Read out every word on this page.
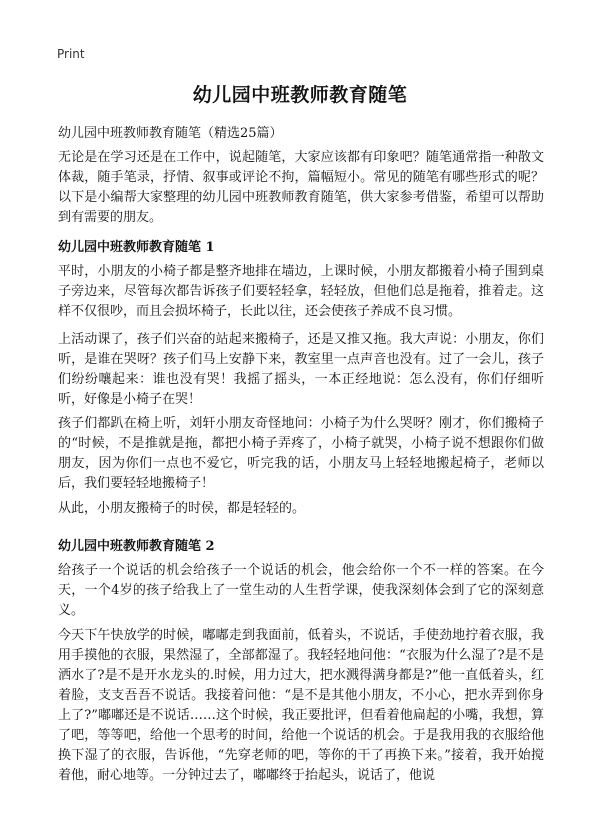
Print
幼儿园中班教师教育随笔
幼儿园中班教师教育随笔（精选25篇）

无论是在学习还是在工作中，说起随笔，大家应该都有印象吧？随笔通常指一种散文体裁，随手笔录，抒情、叙事或评论不拘，篇幅短小。常见的随笔有哪些形式的呢？以下是小编帮大家整理的幼儿园中班教师教育随笔，供大家参考借鉴，希望可以帮助到有需要的朋友。

幼儿园中班教师教育随笔 1

平时，小朋友的小椅子都是整齐地排在墙边，上课时候，小朋友都搬着小椅子围到桌子旁边来，尽管每次都告诉孩子们要轻轻拿，轻轻放，但他们总是拖着，推着走。这样不仅很吵，而且会损坏椅子，长此以往，还会使孩子养成不良习惯。

上活动课了，孩子们兴奋的站起来搬椅子，还是又推又拖。我大声说：小朋友，你们听，是谁在哭呀？孩子们马上安静下来，教室里一点声音也没有。过了一会儿，孩子们纷纷嚷起来：谁也没有哭！我摇了摇头，一本正经地说：怎么没有，你们仔细听听，好像是小椅子在哭！

孩子们都趴在椅上听，刘轩小朋友奇怪地问：小椅子为什么哭呀？刚才，你们搬椅子的“时候，不是推就是拖，都把小椅子弄疼了，小椅子就哭，小椅子说不想跟你们做朋友，因为你们一点也不爱它，听完我的话，小朋友马上轻轻地搬起椅子，老师以后，我们要轻轻地搬椅子！

从此，小朋友搬椅子的时侯，都是轻轻的。

幼儿园中班教师教育随笔 2

给孩子一个说话的机会给孩子一个说话的机会，他会给你一个不一样的答案。在今天，一个4岁的孩子给我上了一堂生动的人生哲学课，使我深刻体会到了它的深刻意义。

今天下午快放学的时候，嘟嘟走到我面前，低着头，不说话，手使劲地拧着衣服，我用手摸他的衣服，果然湿了，全部都湿了。我轻轻地问他：“衣服为什么湿了?是不是洒水了?是不是开水龙头的.时候，用力过大，把水溅得满身都是?”他一直低着头，红着脸，支支吾吾不说话。我接着问他：“是不是其他小朋友，不小心，把水弄到你身上了?”嘟嘟还是不说话……这个时候，我正要批评，但看着他扁起的小嘴，我想，算了吧，等等吧，给他一个思考的时间，给他一个说话的机会。于是我用我的衣服给他换下湿了的衣服，告诉他，“先穿老师的吧，等你的干了再换下来。”接着，我开始搅着他，耐心地等。一分钟过去了，嘟嘟终于抬起头，说话了，他说
